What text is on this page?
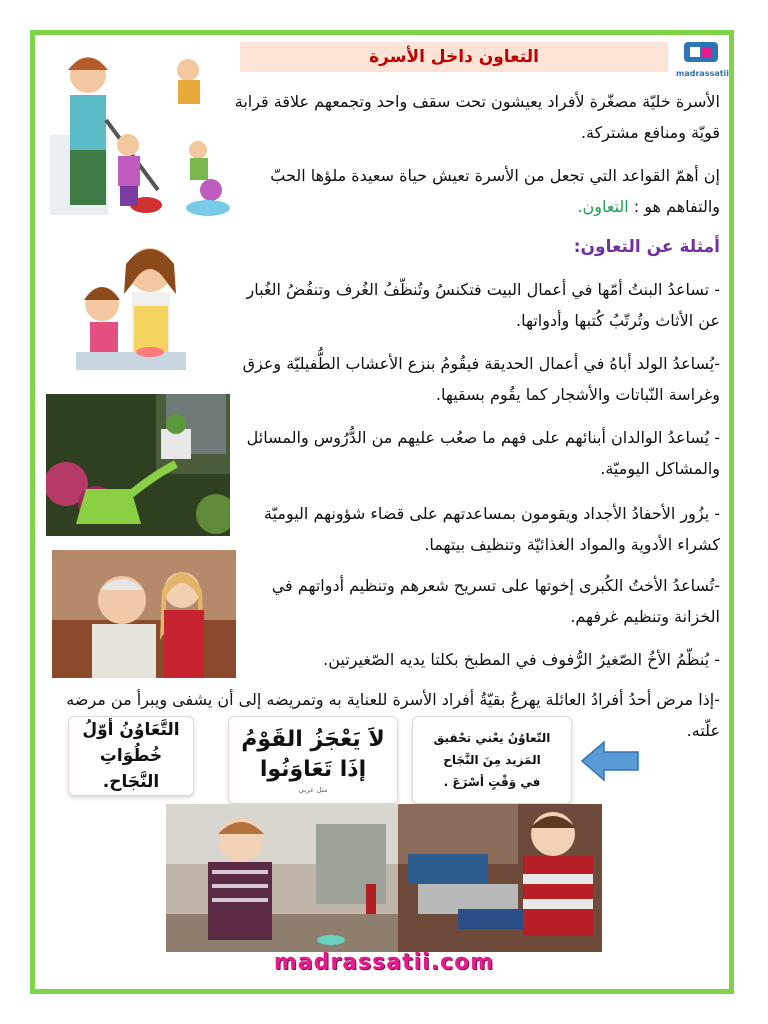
madrassatii
التعاون داخل الأسرة
الأسرة خليّة مصغّرة لأفراد يعيشون تحت سقف واحد وتجمعهم علاقة قرابة قويّة ومنافع مشتركة.
إن أهمّ القواعد التي تجعل من الأسرة تعيش حياة سعيدة ملؤها الحبّ والتفاهم هو : التعاون.
أمثلة عن التعاون:
- تساعدُ البنتُ أمّها في أعمال البيت فتكنسُ وتُنظّفُ الغُرف وتنفُضُ الغُبار عن الأثاث وتُرتّبُ كُتبها وأدواتها.
-يُساعدُ الولد أباهُ في أعمال الحديقة فيقُومُ بنزع الأعشاب الطُّفيليّة وعزق وغراسة النّباتات والأشجار كما يقُوم بسقيها.
- يُساعدُ الوالدان أبنائهم على فهم ما صعُب عليهم من الدُّرُوس والمسائل والمشاكل اليوميّة.
- يزُور الأحفادُ الأجداد ويقومون بمساعدتهم على قضاء شؤونهم اليوميّة كشراء الأدوية والمواد الغذائيّة وتنظيف بيتهما.
-تُساعدُ الأختُ الكُبرى إخوتها على تسريح شعرهم وتنظيم أدواتهم في الخزانة وتنظيم غرفهم.
- يُنظّمُ الأخُ الصّغيرُ الرُّفوف في المطبخ بكلتا يديه الصّغيرتين.
-إذا مرض أحدُ أفرادُ العائلة يهرعُ بقيّةُ أفراد الأسرة للعناية به وتمريضه إلى أن يشفى ويبرأ من مرضه علّته.
التَّعَاوُنُ أوّلُ
خُطُوَاتِ النَّجَاح.
لاَ يَعْجَزُ القَوْمُ
إذَا تَعَاوَنُوا
مثل عربي
التّعاوُنُ يعْني تحْقيق
المَزيد مِنَ النَّجَاح
في وَقْتٍ أسْرَعَ .
madrassatii.com
